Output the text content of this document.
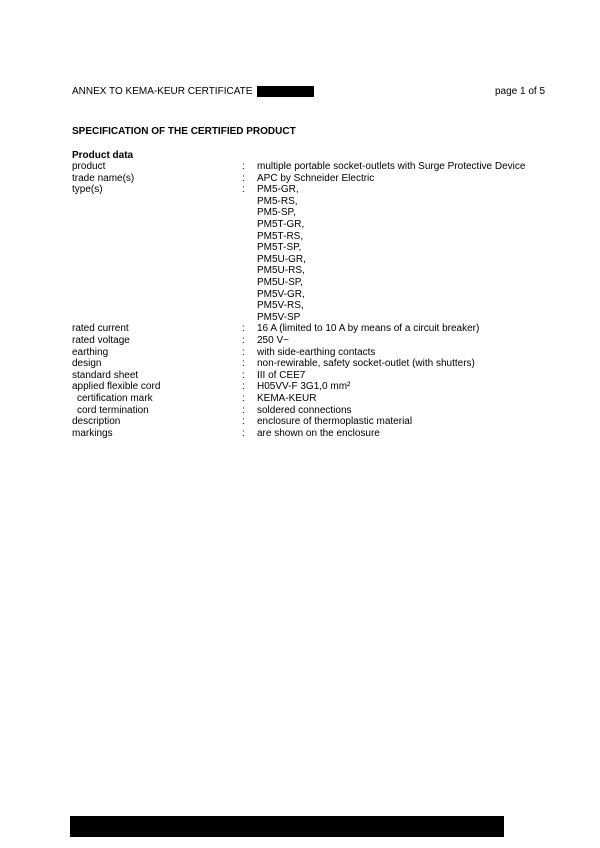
ANNEX TO KEMA-KEUR CERTIFICATE	page 1 of 5
SPECIFICATION OF THE CERTIFIED PRODUCT
Product data
product	: multiple portable socket-outlets with Surge Protective Device
trade name(s)	: APC by Schneider Electric
type(s)	: PM5-GR,
PM5-RS,
PM5-SP,
PM5T-GR,
PM5T-RS,
PM5T-SP,
PM5U-GR,
PM5U-RS,
PM5U-SP,
PM5V-GR,
PM5V-RS,
PM5V-SP
rated current	: 16 A (limited to 10 A by means of a circuit breaker)
rated voltage	: 250 V~
earthing	: with side-earthing contacts
design	: non-rewirable, safety socket-outlet (with shutters)
standard sheet	: III of CEE7
applied flexible cord	: H05VV-F 3G1,0 mm²
certification mark	: KEMA-KEUR
cord termination	: soldered connections
description	: enclosure of thermoplastic material
markings	: are shown on the enclosure
